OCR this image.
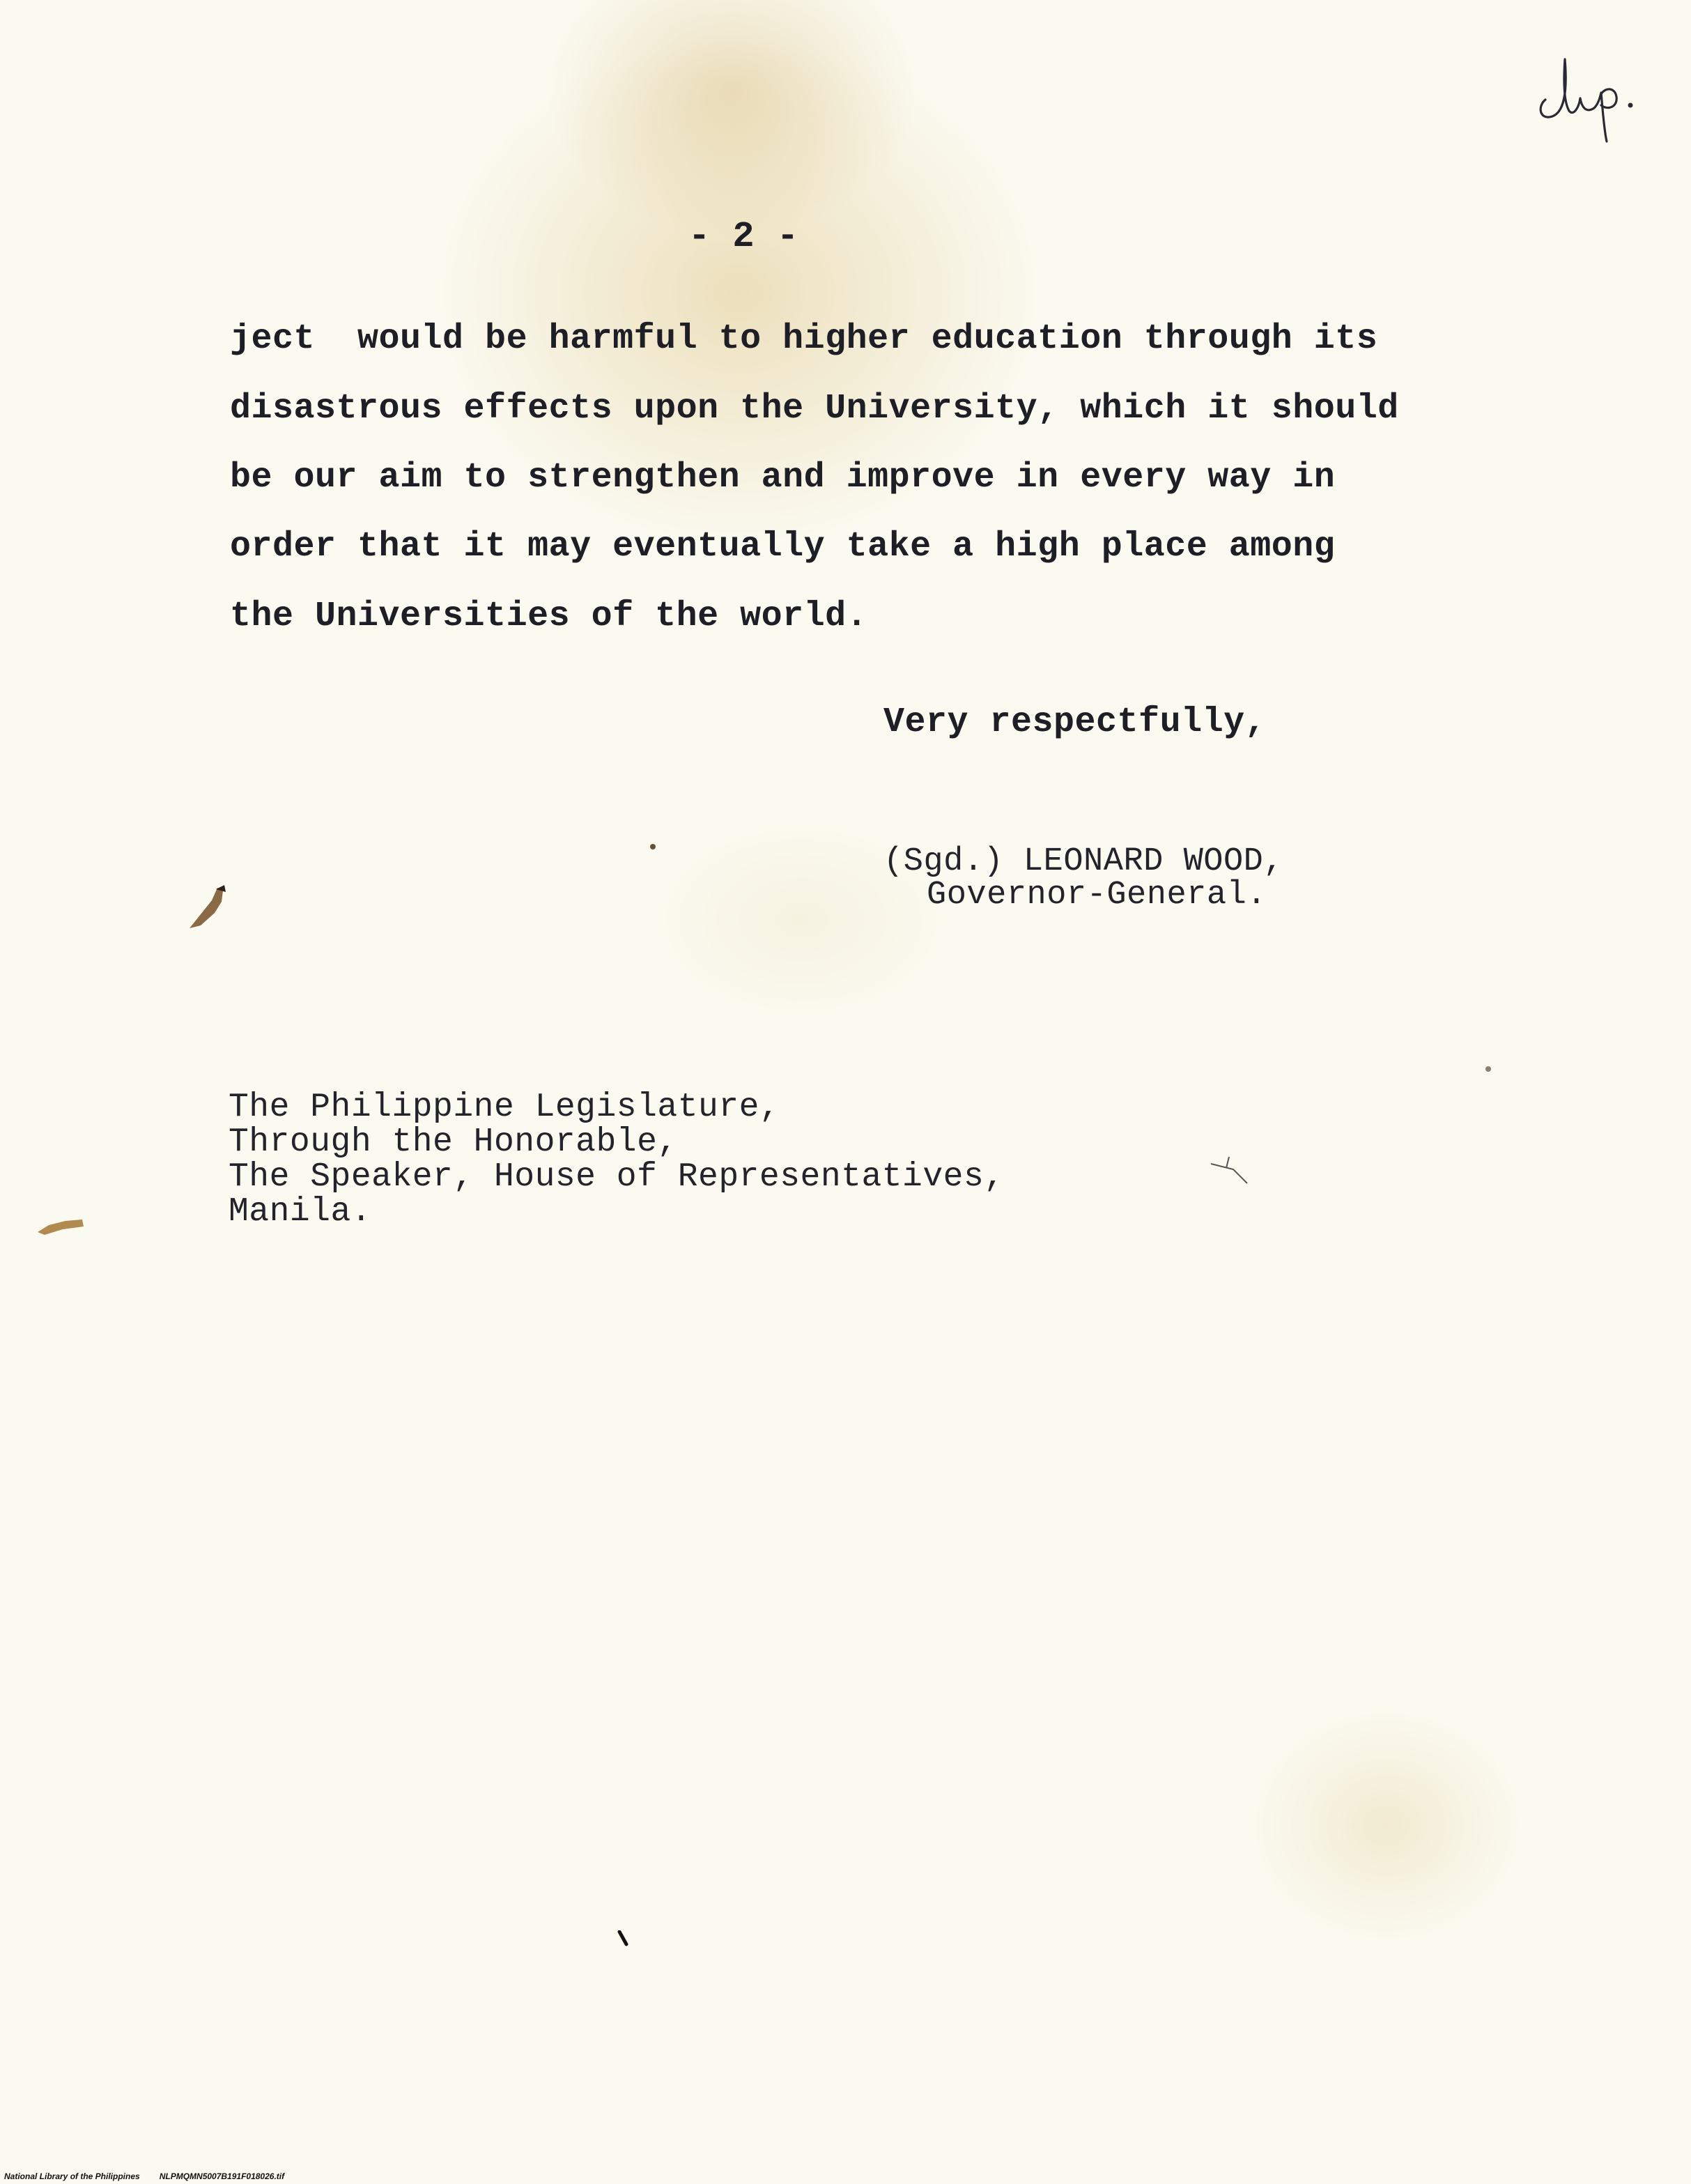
- 2 -
ject  would be harmful to higher education through its
disastrous effects upon the University, which it should
be our aim to strengthen and improve in every way in
order that it may eventually take a high place among
the Universities of the world.
Very respectfully,
(Sgd.) LEONARD WOOD,
Governor-General.
The Philippine Legislature,
Through the Honorable,
The Speaker, House of Representatives,
Manila.
National Library of the Philippines NLPMQMN5007B191F018026.tif
